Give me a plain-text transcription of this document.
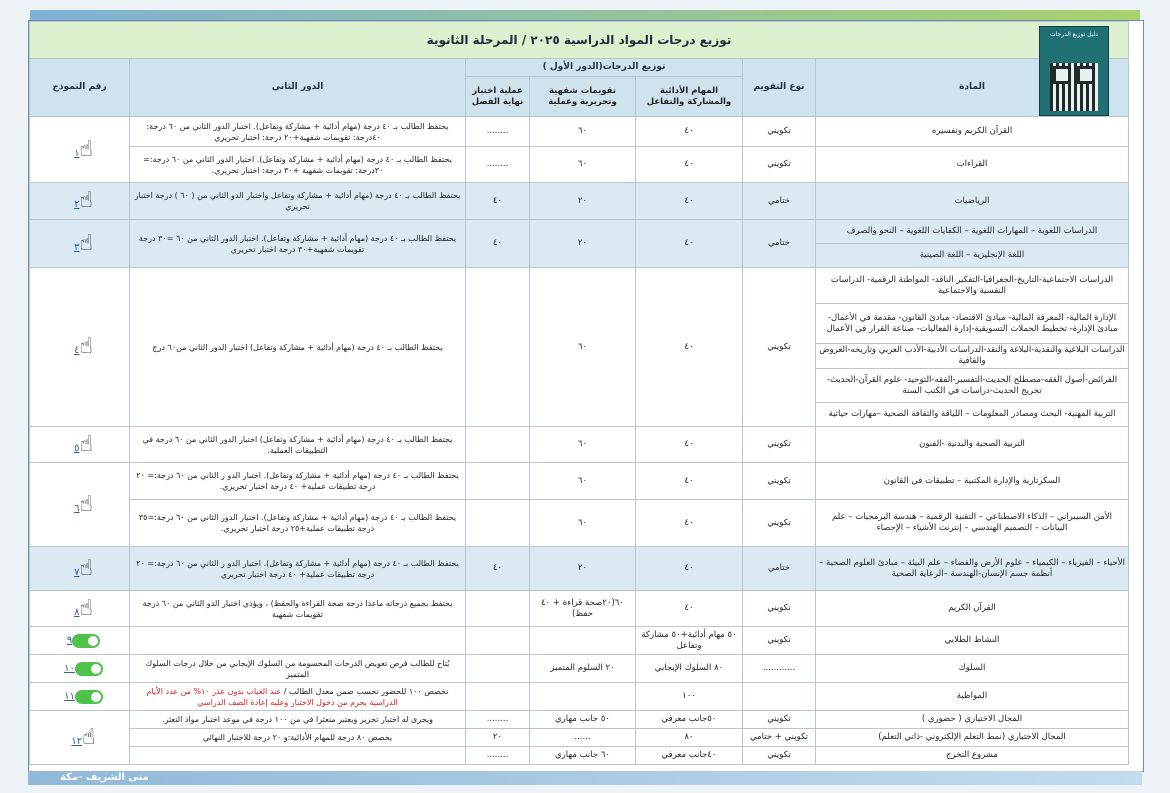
توزيع درجات المواد الدراسية ٢٠٢٥ / المرحلة الثانوية						
المادة	نوع التقويم	توزيع الدرجات(الدور الأول )			الدور الثاني	رقم النموذج
		المهام الأدائية والمشاركة والتفاعل	تقويمات شفهية وتحريرية وعملية	عملية اختبار نهاية الفصل		
القرآن الكريم وتفسيره	تكويني	٤٠	٦٠	........	يحتفظ الطالب بـ ٤٠ درجة (مهام أدائية + مشاركة وتفاعل). اختبار الدور الثاني من ٦٠ درجة: ٤٠درجة: تقويمات شفهية+٢٠ درجة: اختبار تحريري	☝١
القراءات	تكويني	٤٠	٦٠	........	يحتفظ الطالب بـ ٤٠ درجة (مهام أدائية + مشاركة وتفاعل). اختبار الدور الثاني من ٦٠ درجة:= ٣٠درجة: تقويمات شفهية +٣٠ درجة: اختبار تحريري.	
الرياضيات	ختامي	٤٠	٢٠	٤٠	يحتفظ الطالب بـ ٤٠ درجة (مهام أدائية + مشاركة وتفاعل واختبار الدو الثاني من ( ٦٠ ) درجة اختبار تحريري	☝٢
الدراسات اللغوية – المهارات اللغوية – الكفايات اللغوية – النحو والصرف	ختامي	٤٠	٢٠	٤٠	يحتفظ الطالب بـ ٤٠ درجة (مهام أدائية + مشاركة وتفاعل). اختبار الدور الثاني من ٦٠ =٣٠ درجة تقويمات شفهية+٣٠ درجة اختبار تحريري	☝٣
اللغة الإنجليزية – اللغة الصينية						
الدراسات الاجتماعية-التاريخ-الجغرافيا-التفكير الناقد- المواطنة الرقمية- الدراسات النفسية والاجتماعية	تكويني	٤٠	٦٠		يحتفظ الطالب بـ ٤٠ درجة (مهام أدائية + مشاركة وتفاعل) اختبار الدور الثاني من٦٠ درج	☝٤
الإدارة المالية- المعرفة المالية- مبادئ الاقتصاد- مبادئ القانون- مقدمة في الأعمال- مبادئ الإدارة- تخطيط الحملات التسويقية-إدارة الفعاليات- صناعة القرار في الأعمال						
الدراسات البلاغية والنقدية-البلاغة والنقد-الدراسات الأدبية-الأدب العربي وتاريخه-العروض والقافية						
الفرائض-أصول الفقه-مصطلح الحديث-التفسير-الفقه-التوحيد- علوم القرآن-الحديث-تخريج الحديث-دراسات في الكتب السنة						
التربية المهنية- البحث ومصادر المعلومات – اللياقة والثقافة الصحية –مهارات حياتية						
التربية الصحية والبدنية -الفنون	تكويني	٤٠	٦٠		يحتفظ الطالب بـ ٤٠ درجة (مهام أدائية + مشاركة وتفاعل) اختبار الدور الثاني من ٦٠ درجة في التطبيقات العملية.	☝٥
السكرتارية والإدارة المكتبية – تطبيقات في القانون	تكويني	٤٠	٦٠		يحتفظ الطالب بـ ٤٠ درجة (مهام أدائية + مشاركة وتفاعل). اختبار الدو ر الثاني من ٦٠ درجة:= ٢٠ درجة تطبيقات عملية+ ٤٠ درجة اختبار تحريري.	☝٦
الأمن السيبراني – الذكاء الاصطناعي – التقنية الرقمية – هندسة البرمجيات – علم البيانات – التصميم الهندسي – إنترنت الأشياء – الإحصاء	تكويني	٤٠	٦٠		يحتفظ الطالب بـ ٤٠ درجة (مهام أدائية + مشاركة وتفاعل). اختبار الدور الثاني من ٦٠ درجة:=٣٥ درجة تطبيقات عملية+٢٥ درجة اختبار تحريري.	
الأحياء – الفيزياء – الكيمياء – علوم الأرض والفضاء – علم البيئة – مبادئ العلوم الصحية – أنظمة جسم الإنسان-الهندسة –الرعاية الصحية	ختامي	٤٠	٢٠	٤٠	يحتفظ الطالب بـ ٤٠ درجة (مهام أدائية + مشاركة وتفاعل). اختبار الدو ر الثاني من ٦٠ درجة:= ٢٠ درجة تطبيقات عملية+ ٤٠ درجة اختبار تحريري	☝٧
القرآن الكريم	تكويني	٤٠	٦٠(٢٠صحة قراءة + ٤٠ حفظ)		يحتفظ بجميع درجاته ماعدا درجة صحة القراءة والحفظ) ، ويؤدي اختبار الدو الثاني من ٦٠ درجة تقويمات شفهية	☝٨
النشاط الطلابي	تكويني	٥٠ مهام أدائية+٥٠ مشاركة وتفاعل				٩
السلوك	............	٨٠ السلوك الإيجابي	٢٠ السلوم المتميز		يُتاح للطالب فرص تعويض الدرجات المحسومة من السلوك الإيجابي من خلال درجات السلوك المتميز	١٠
المواظبة		١٠٠			تخصص ١٠٠ للحضور تحسب ضمن معدل الطالب / عند الغياب بدون عذر ١٠% من عدد الأيام الدراسية يحرم من دخول الاختبار وعليه إعادة الصف الدراسي	١١
المجال الاختياري ( حضوري )	تكويني	٥٠جانب معرفي	٥٠ جانب مهاري	........	ويجرى له اختبار تحرير ويعتبر متعثرا في من ١٠٠ درجة في موعد اختبار مواد التعثر.	☝١٢
المجال الاختياري (نمط التعلم الإلكتروني -ذاتي التعلم)	تكويني + ختامي	٨٠	......	٢٠	يخصص ٨٠ درجة للمهام الأدائية:و ٢٠ درجة للاختبار النهائي	
مشروع التخرج	تكويني	٤٠جانب معرفي	٦٠ جانب مهاري	........		
دليل توزيع الدرجات
منى الشريف -مكة
